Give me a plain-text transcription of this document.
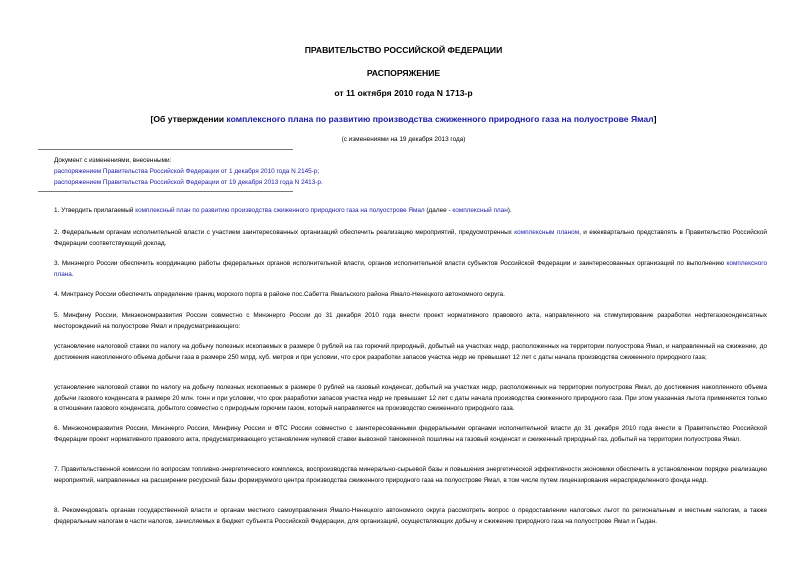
ПРАВИТЕЛЬСТВО РОССИЙСКОЙ ФЕДЕРАЦИИ
РАСПОРЯЖЕНИЕ
от 11 октября 2010 года N 1713-р
[Об утверждении комплексного плана по развитию производства сжиженного природного газа на полуострове Ямал]
(с изменениями на 19 декабря 2013 года)
Документ с изменениями, внесенными:
распоряжением Правительства Российской Федерации от 1 декабря 2010 года N 2145-р;
распоряжением Правительства Российской Федерации от 19 декабря 2013 года N 2413-р.
1. Утвердить прилагаемый комплексный план по развитию производства сжиженного природного газа на полуострове Ямал (далее - комплексный план).
2. Федеральным органам исполнительной власти с участием заинтересованных организаций обеспечить реализацию мероприятий, предусмотренных комплексным планом, и ежеквартально представлять в Правительство Российской Федерации соответствующий доклад.
3. Минэнерго России обеспечить координацию работы федеральных органов исполнительной власти, органов исполнительной власти субъектов Российской Федерации и заинтересованных организаций по выполнению комплексного плана.
4. Минтрансу России обеспечить определение границ морского порта в районе пос.Сабетта Ямальского района Ямало-Ненецкого автономного округа.
5. Минфину России, Минэкономразвития России совместно с Минэнерго России до 31 декабря 2010 года внести проект нормативного правового акта, направленного на стимулирование разработки нефтегазоконденсатных месторождений на полуострове Ямал и предусматривающего:
установление налоговой ставки по налогу на добычу полезных ископаемых в размере 0 рублей на газ горючий природный, добытый на участках недр, расположенных на территории полуострова Ямал, и направленный на сжижение, до достижения накопленного объема добычи газа в размере 250 млрд. куб. метров и при условии, что срок разработки запасов участка недр не превышает 12 лет с даты начала производства сжиженного природного газа;
установление налоговой ставки по налогу на добычу полезных ископаемых в размере 0 рублей на газовый конденсат, добытый на участках недр, расположенных на территории полуострова Ямал, до достижения накопленного объема добычи газового конденсата в размере 20 млн. тонн и при условии, что срок разработки запасов участка недр не превышает 12 лет с даты начала производства сжиженного природного газа. При этом указанная льгота применяется только в отношении газового конденсата, добытого совместно с природным горючим газом, который направляется на производство сжиженного природного газа.
6. Минэкономразвития России, Минэнерго России, Минфину России и ФТС России совместно с заинтересованными федеральными органами исполнительной власти до 31 декабря 2010 года внести в Правительство Российской Федерации проект нормативного правового акта, предусматривающего установление нулевой ставки вывозной таможенной пошлины на газовый конденсат и сжиженный природный газ, добытый на территории полуострова Ямал.
7. Правительственной комиссии по вопросам топливно-энергетического комплекса, воспроизводства минерально-сырьевой базы и повышения энергетической эффективности экономики обеспечить в установленном порядке реализацию мероприятий, направленных на расширение ресурсной базы формируемого центра производства сжиженного природного газа на полуострове Ямал, в том числе путем лицензирования нераспределенного фонда недр.
8. Рекомендовать органам государственной власти и органам местного самоуправления Ямало-Ненецкого автономного округа рассмотреть вопрос о предоставлении налоговых льгот по региональным и местным налогам, а также федеральным налогам в части налогов, зачисляемых в бюджет субъекта Российской Федерации, для организаций, осуществляющих добычу и сжижение природного газа на полуострове Ямал и Гыдан.
